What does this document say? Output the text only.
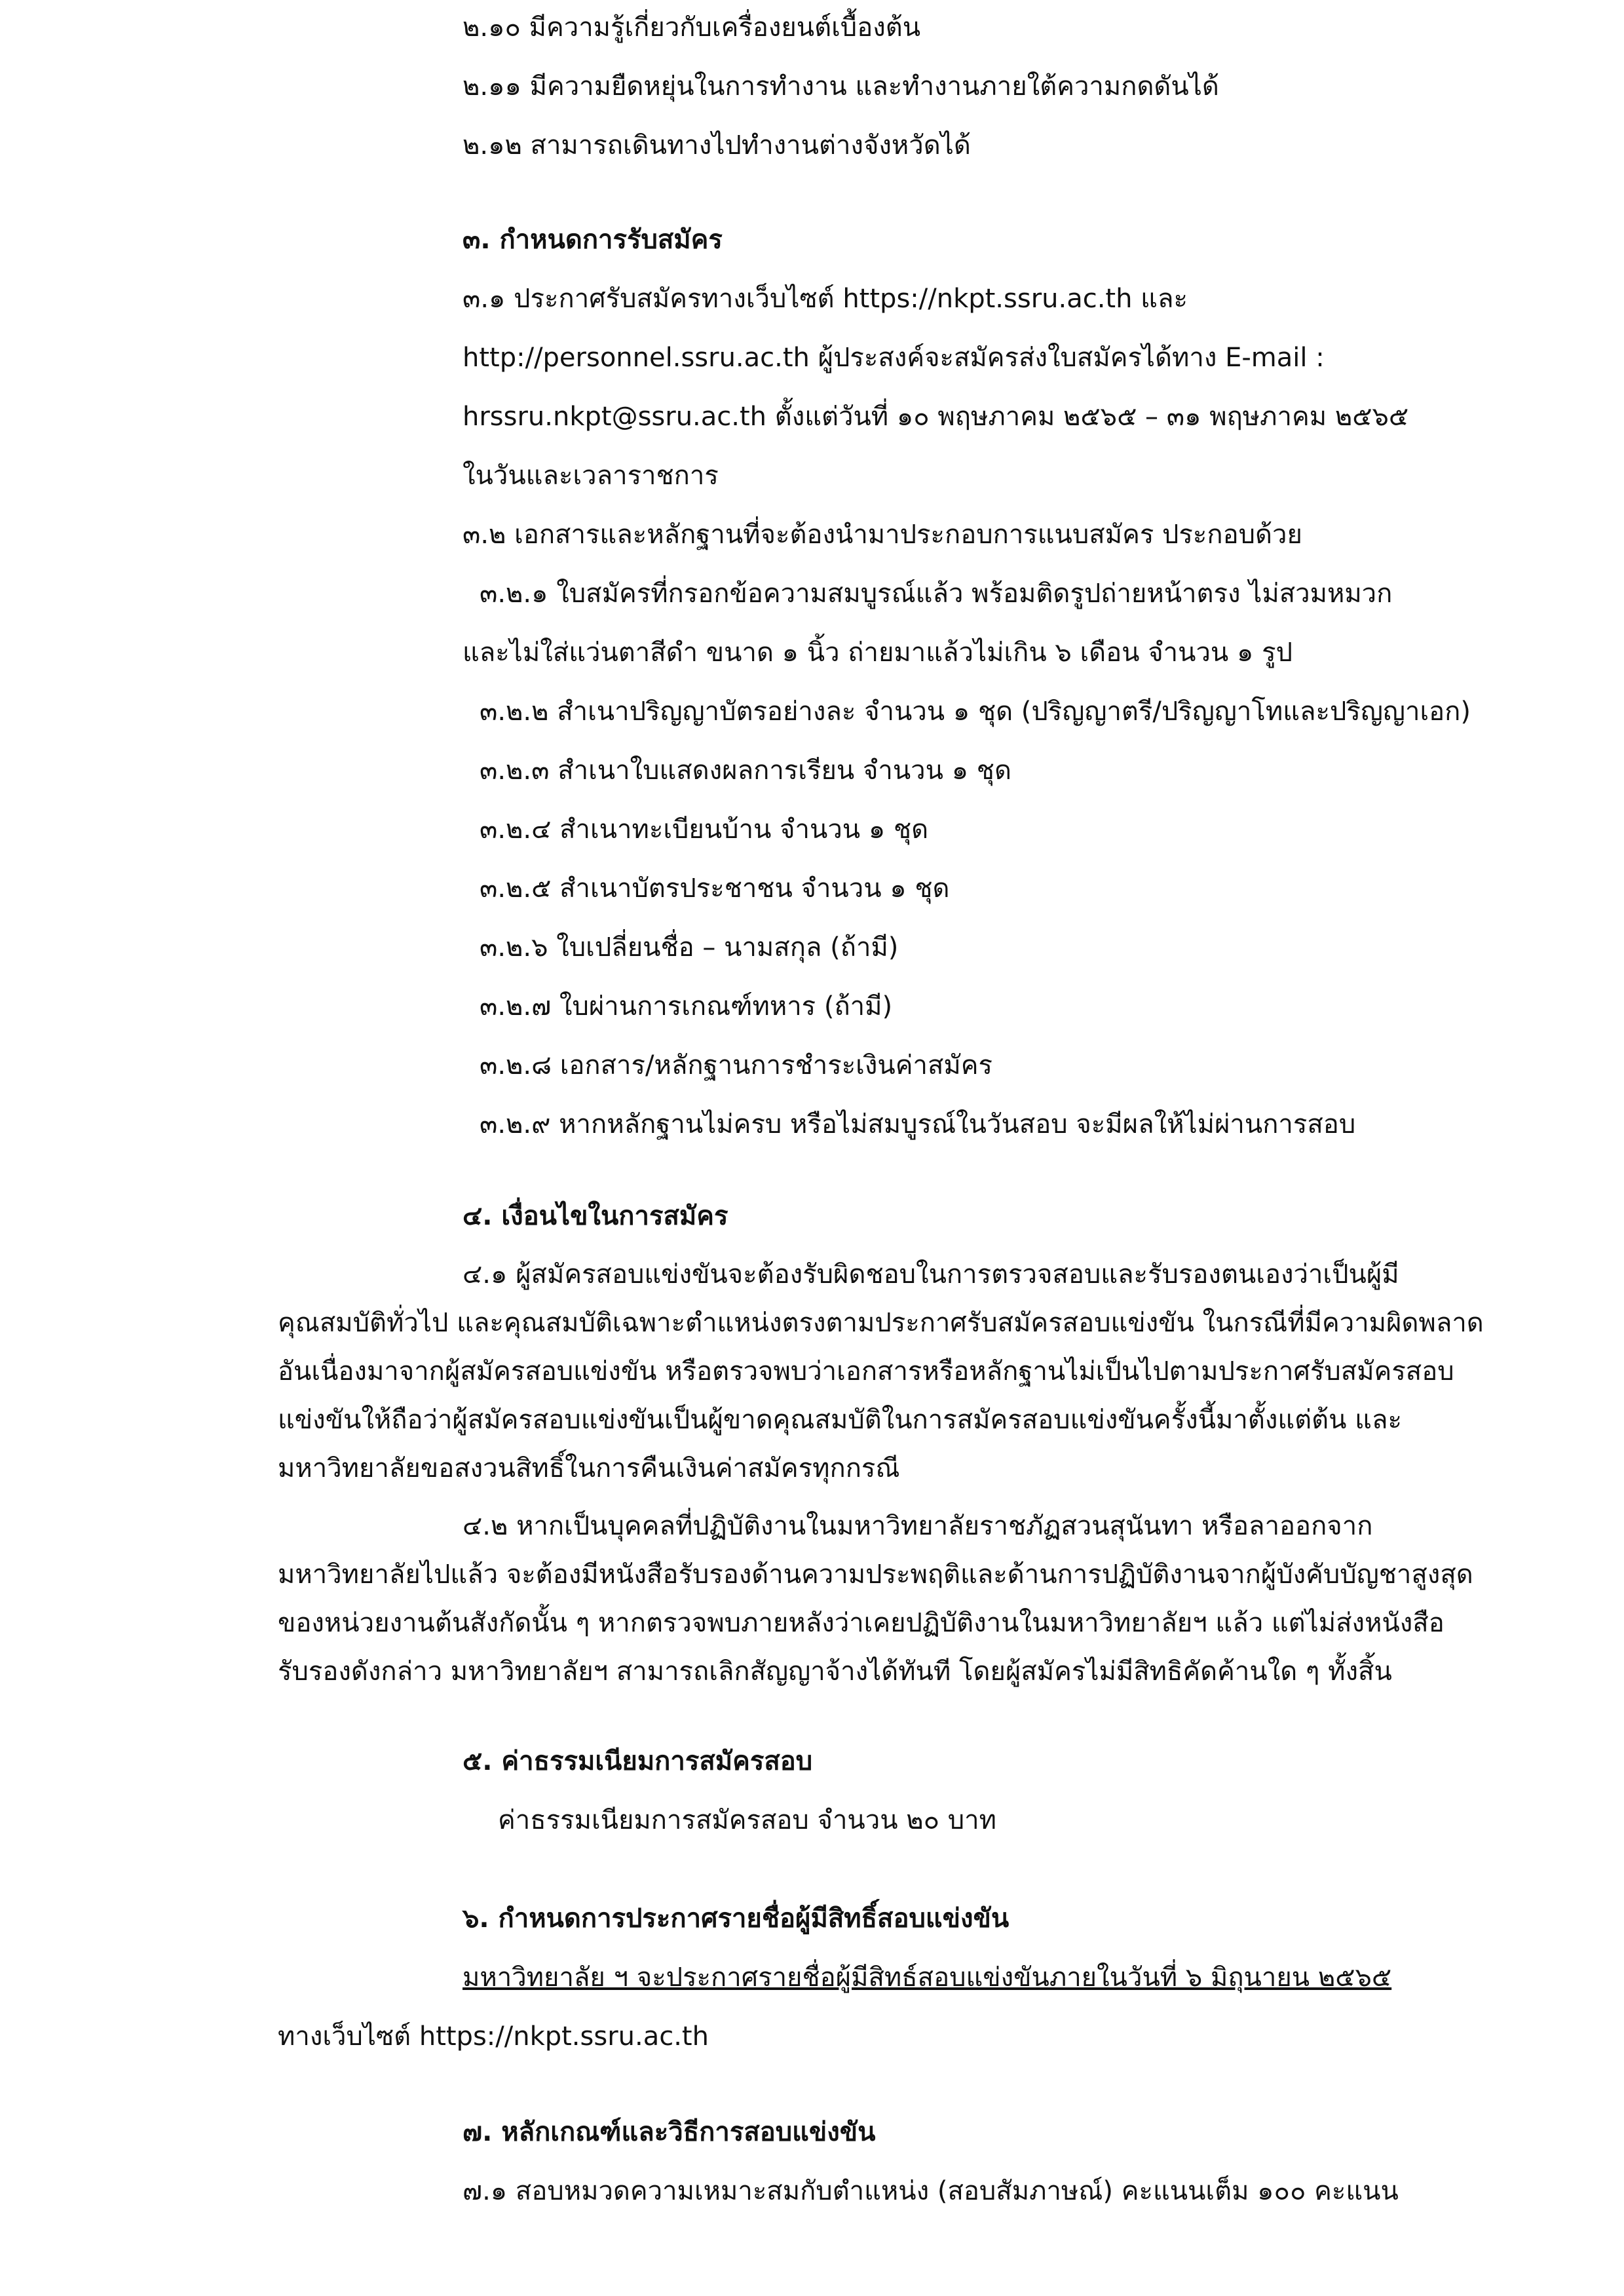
๒.๑๐ มีความรู้เกี่ยวกับเครื่องยนต์เบื้องต้น
๒.๑๑ มีความยืดหยุ่นในการทำงาน และทำงานภายใต้ความกดดันได้
๒.๑๒ สามารถเดินทางไปทำงานต่างจังหวัดได้
๓. กำหนดการรับสมัคร
๓.๑ ประกาศรับสมัครทางเว็บไซต์ https://nkpt.ssru.ac.th และ
http://personnel.ssru.ac.th ผู้ประสงค์จะสมัครส่งใบสมัครได้ทาง E-mail :
hrssru.nkpt@ssru.ac.th ตั้งแต่วันที่ ๑๐ พฤษภาคม ๒๕๖๕ – ๓๑ พฤษภาคม ๒๕๖๕
ในวันและเวลาราชการ
๓.๒ เอกสารและหลักฐานที่จะต้องนำมาประกอบการแนบสมัคร ประกอบด้วย
๓.๒.๑ ใบสมัครที่กรอกข้อความสมบูรณ์แล้ว พร้อมติดรูปถ่ายหน้าตรง ไม่สวมหมวก
และไม่ใส่แว่นตาสีดำ ขนาด ๑ นิ้ว ถ่ายมาแล้วไม่เกิน ๖ เดือน จำนวน ๑ รูป
๓.๒.๒ สำเนาปริญญาบัตรอย่างละ จำนวน ๑ ชุด (ปริญญาตรี/ปริญญาโทและปริญญาเอก)
๓.๒.๓ สำเนาใบแสดงผลการเรียน จำนวน ๑ ชุด
๓.๒.๔ สำเนาทะเบียนบ้าน จำนวน ๑ ชุด
๓.๒.๕ สำเนาบัตรประชาชน จำนวน ๑ ชุด
๓.๒.๖ ใบเปลี่ยนชื่อ – นามสกุล (ถ้ามี)
๓.๒.๗ ใบผ่านการเกณฑ์ทหาร (ถ้ามี)
๓.๒.๘ เอกสาร/หลักฐานการชำระเงินค่าสมัคร
๓.๒.๙ หากหลักฐานไม่ครบ หรือไม่สมบูรณ์ในวันสอบ จะมีผลให้ไม่ผ่านการสอบ
๔. เงื่อนไขในการสมัคร
๔.๑ ผู้สมัครสอบแข่งขันจะต้องรับผิดชอบในการตรวจสอบและรับรองตนเองว่าเป็นผู้มี
คุณสมบัติทั่วไป และคุณสมบัติเฉพาะตำแหน่งตรงตามประกาศรับสมัครสอบแข่งขัน ในกรณีที่มีความผิดพลาด
อันเนื่องมาจากผู้สมัครสอบแข่งขัน หรือตรวจพบว่าเอกสารหรือหลักฐานไม่เป็นไปตามประกาศรับสมัครสอบ
แข่งขันให้ถือว่าผู้สมัครสอบแข่งขันเป็นผู้ขาดคุณสมบัติในการสมัครสอบแข่งขันครั้งนี้มาตั้งแต่ต้น และ
มหาวิทยาลัยขอสงวนสิทธิ์ในการคืนเงินค่าสมัครทุกกรณี
๔.๒ หากเป็นบุคคลที่ปฏิบัติงานในมหาวิทยาลัยราชภัฏสวนสุนันทา หรือลาออกจาก
มหาวิทยาลัยไปแล้ว จะต้องมีหนังสือรับรองด้านความประพฤติและด้านการปฏิบัติงานจากผู้บังคับบัญชาสูงสุด
ของหน่วยงานต้นสังกัดนั้น ๆ หากตรวจพบภายหลังว่าเคยปฏิบัติงานในมหาวิทยาลัยฯ แล้ว แต่ไม่ส่งหนังสือ
รับรองดังกล่าว มหาวิทยาลัยฯ สามารถเลิกสัญญาจ้างได้ทันที โดยผู้สมัครไม่มีสิทธิคัดค้านใด ๆ ทั้งสิ้น
๕. ค่าธรรมเนียมการสมัครสอบ
ค่าธรรมเนียมการสมัครสอบ จำนวน ๒๐ บาท
๖. กำหนดการประกาศรายชื่อผู้มีสิทธิ์สอบแข่งขัน
มหาวิทยาลัย ฯ จะประกาศรายชื่อผู้มีสิทธ์สอบแข่งขันภายในวันที่ ๖ มิถุนายน ๒๕๖๕
ทางเว็บไซต์ https://nkpt.ssru.ac.th
๗. หลักเกณฑ์และวิธีการสอบแข่งขัน
๗.๑ สอบหมวดความเหมาะสมกับตำแหน่ง (สอบสัมภาษณ์) คะแนนเต็ม ๑๐๐ คะแนน
